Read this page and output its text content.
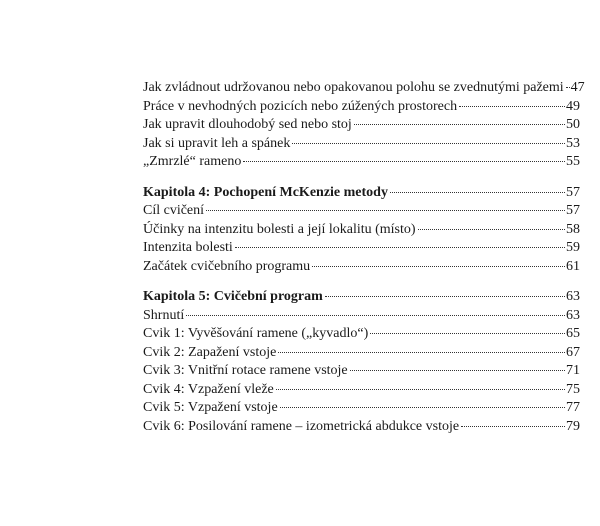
Jak zvládnout udržovanou nebo opakovanou polohu se zvednutými pažemi 47
Práce v nevhodných pozicích nebo zúžených prostorech	49
Jak upravit dlouhodobý sed nebo stoj	50
Jak si upravit leh a spánek	53
„Zmrzlé“ rameno	55
Kapitola 4: Pochopení McKenzie metody	57
Cíl cvičení	57
Účinky na intenzitu bolesti a její lokalitu (místo)	58
Intenzita bolesti	59
Začátek cvičebního programu	61
Kapitola 5: Cvičební program	63
Shrnutí	63
Cvik 1: Vyvěšování ramene („kyvadlo“)	65
Cvik 2: Zapažení vstoje	67
Cvik 3: Vnitřní rotace ramene vstoje	71
Cvik 4: Vzpažení vleže	75
Cvik 5: Vzpažení vstoje	77
Cvik 6: Posilování ramene – izometrická abdukce vstoje	79
